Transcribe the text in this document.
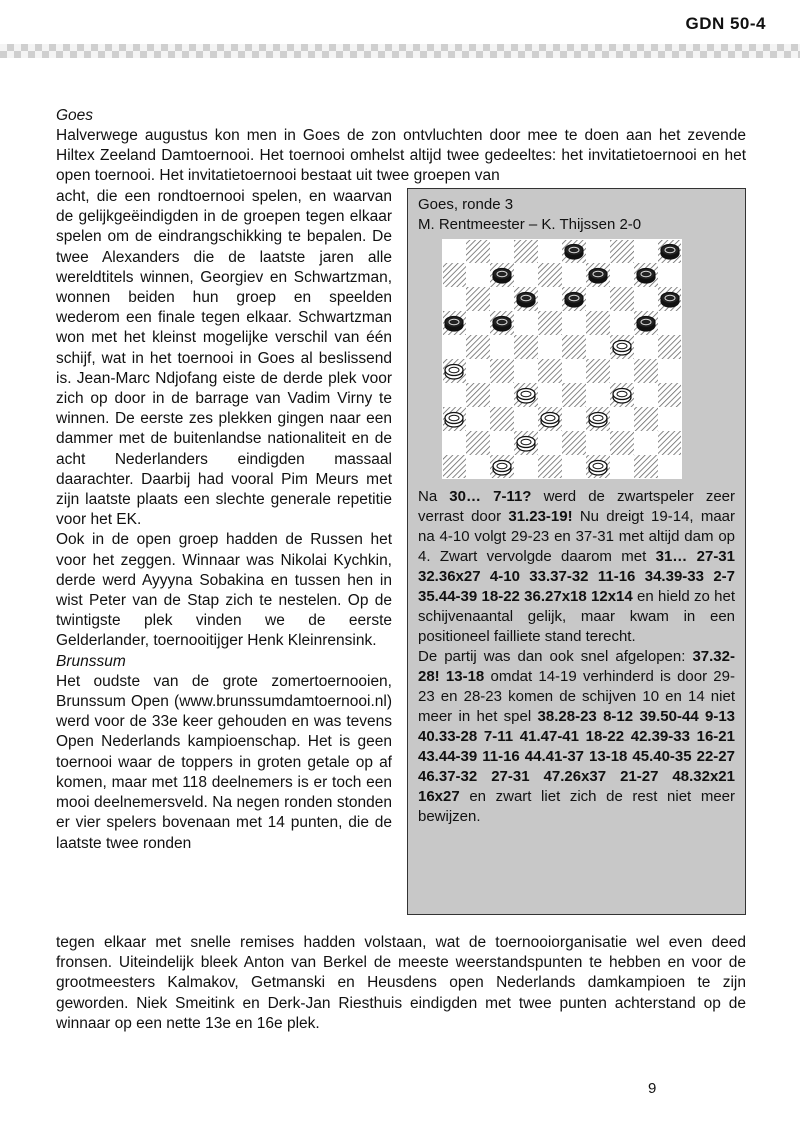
GDN 50-4
Goes
Halverwege augustus kon men in Goes de zon ontvluchten door mee te doen aan het zevende Hiltex Zeeland Damtoernooi. Het toernooi omhelst altijd twee gedeeltes: het invitatietoernooi en het open toernooi. Het invitatietoernooi bestaat uit twee groepen van

acht, die een rondtoernooi spelen, en waarvan de gelijkgeëindigden in de groepen tegen elkaar spelen om de eindrangschikking te bepalen. De twee Alexanders die de laatste jaren alle wereldtitels winnen, Georgiev en Schwartzman, wonnen beiden hun groep en speelden wederom een finale tegen elkaar. Schwartzman won met het kleinst mogelijke verschil van één schijf, wat in het toernooi in Goes al beslissend is. Jean-Marc Ndjofang eiste de derde plek voor zich op door in de barrage van Vadim Virny te winnen. De eerste zes plekken gingen naar een dammer met de buitenlandse nationaliteit en de acht Nederlanders eindigden massaal daarachter. Daarbij had vooral Pim Meurs met zijn laatste plaats een slechte generale repetitie voor het EK.

Ook in de open groep hadden de Russen het voor het zeggen. Winnaar was Nikolai Kychkin, derde werd Ayyyna Sobakina en tussen hen in wist Peter van de Stap zich te nestelen. Op de twintigste plek vinden we de eerste Gelderlander, toernooitijger Henk Kleinrensink.

Brunssum

Het oudste van de grote zomertoernooien, Brunssum Open (www.brunssumdamtoernooi.nl) werd voor de 33e keer gehouden en was tevens Open Nederlands kampioenschap. Het is geen toernooi waar de toppers in groten getale op af komen, maar met 118 deelnemers is er toch een mooi deelnemersveld. Na negen ronden stonden er vier spelers bovenaan met 14 punten, die de laatste twee ronden

Goes, ronde 3
M. Rentmeester – K. Thijssen 2-0
Na 30… 7-11? werd de zwartspeler zeer verrast door 31.23-19! Nu dreigt 19-14, maar na 4-10 volgt 29-23 en 37-31 met altijd dam op 4. Zwart vervolgde daarom met 31… 27-31 32.36x27 4-10 33.37-32 11-16 34.39-33 2-7 35.44-39 18-22 36.27x18 12x14 en hield zo het schijvenaantal gelijk, maar kwam in een positioneel failliete stand terecht.
De partij was dan ook snel afgelopen: 37.32-28! 13-18 omdat 14-19 verhinderd is door 29-23 en 28-23 komen de schijven 10 en 14 niet meer in het spel 38.28-23 8-12 39.50-44 9-13 40.33-28 7-11 41.47-41 18-22 42.39-33 16-21 43.44-39 11-16 44.41-37 13-18 45.40-35 22-27 46.37-32 27-31 47.26x37 21-27 48.32x21 16x27 en zwart liet zich de rest niet meer bewijzen.
tegen elkaar met snelle remises hadden volstaan, wat de toernooiorganisatie wel even deed fronsen. Uiteindelijk bleek Anton van Berkel de meeste weerstandspunten te hebben en voor de grootmeesters Kalmakov, Getmanski en Heusdens open Nederlands damkampioen te zijn geworden. Niek Smeitink en Derk-Jan Riesthuis eindigden met twee punten achterstand op de winnaar op een nette 13e en 16e plek.
9
